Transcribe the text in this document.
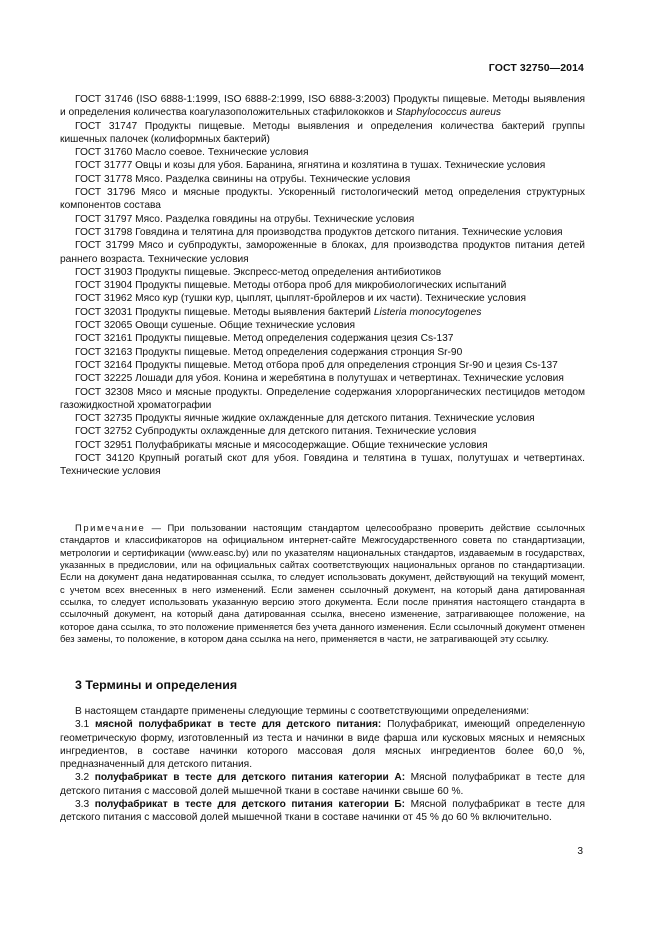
ГОСТ 32750—2014

ГОСТ 31746 (ISO 6888-1:1999, ISO 6888-2:1999, ISO 6888-3:2003) Продукты пищевые. Методы выявления и определения количества коагулазоположительных стафилококков и Staphylococcus aureus

ГОСТ 31747 Продукты пищевые. Методы выявления и определения количества бактерий группы кишечных палочек (колиформных бактерий)

ГОСТ 31760 Масло соевое. Технические условия

ГОСТ 31777 Овцы и козы для убоя. Баранина, ягнятина и козлятина в тушах. Технические условия

ГОСТ 31778 Мясо. Разделка свинины на отрубы. Технические условия

ГОСТ 31796 Мясо и мясные продукты. Ускоренный гистологический метод определения структурных компонентов состава

ГОСТ 31797 Мясо. Разделка говядины на отрубы. Технические условия

ГОСТ 31798 Говядина и телятина для производства продуктов детского питания. Технические условия

ГОСТ 31799 Мясо и субпродукты, замороженные в блоках, для производства продуктов питания детей раннего возраста. Технические условия

ГОСТ 31903 Продукты пищевые. Экспресс-метод определения антибиотиков

ГОСТ 31904 Продукты пищевые. Методы отбора проб для микробиологических испытаний

ГОСТ 31962 Мясо кур (тушки кур, цыплят, цыплят-бройлеров и их части). Технические условия

ГОСТ 32031 Продукты пищевые. Методы выявления бактерий Listeria monocytogenes

ГОСТ 32065 Овощи сушеные. Общие технические условия

ГОСТ 32161 Продукты пищевые. Метод определения содержания цезия Cs-137

ГОСТ 32163 Продукты пищевые. Метод определения содержания стронция Sr-90

ГОСТ 32164 Продукты пищевые. Метод отбора проб для определения стронция Sr-90 и цезия Cs-137

ГОСТ 32225 Лошади для убоя. Конина и жеребятина в полутушах и четвертинах. Технические условия

ГОСТ 32308 Мясо и мясные продукты. Определение содержания хлорорганических пестицидов методом газожидкостной хроматографии

ГОСТ 32735 Продукты яичные жидкие охлажденные для детского питания. Технические условия

ГОСТ 32752 Субпродукты охлажденные для детского питания. Технические условия

ГОСТ 32951 Полуфабрикаты мясные и мясосодержащие. Общие технические условия

ГОСТ 34120 Крупный рогатый скот для убоя. Говядина и телятина в тушах, полутушах и четвертинах. Технические условия

Примечание — При пользовании настоящим стандартом целесообразно проверить действие ссылочных стандартов и классификаторов на официальном интернет-сайте Межгосударственного совета по стандартизации, метрологии и сертификации (www.easc.by) или по указателям национальных стандартов, издаваемым в государствах, указанных в предисловии, или на официальных сайтах соответствующих национальных органов по стандартизации. Если на документ дана недатированная ссылка, то следует использовать документ, действующий на текущий момент, с учетом всех внесенных в него изменений. Если заменен ссылочный документ, на который дана датированная ссылка, то следует использовать указанную версию этого документа. Если после принятия настоящего стандарта в ссылочный документ, на который дана датированная ссылка, внесено изменение, затрагивающее положение, на которое дана ссылка, то это положение применяется без учета данного изменения. Если ссылочный документ отменен без замены, то положение, в котором дана ссылка на него, применяется в части, не затрагивающей эту ссылку.
3 Термины и определения

В настоящем стандарте применены следующие термины с соответствующими определениями:

3.1 мясной полуфабрикат в тесте для детского питания: Полуфабрикат, имеющий определенную геометрическую форму, изготовленный из теста и начинки в виде фарша или кусковых мясных и немясных ингредиентов, в составе начинки которого массовая доля мясных ингредиентов более 60,0 %, предназначенный для детского питания.

3.2 полуфабрикат в тесте для детского питания категории А: Мясной полуфабрикат в тесте для детского питания с массовой долей мышечной ткани в составе начинки свыше 60 %.

3.3 полуфабрикат в тесте для детского питания категории Б: Мясной полуфабрикат в тесте для детского питания с массовой долей мышечной ткани в составе начинки от 45 % до 60 % включительно.

3
